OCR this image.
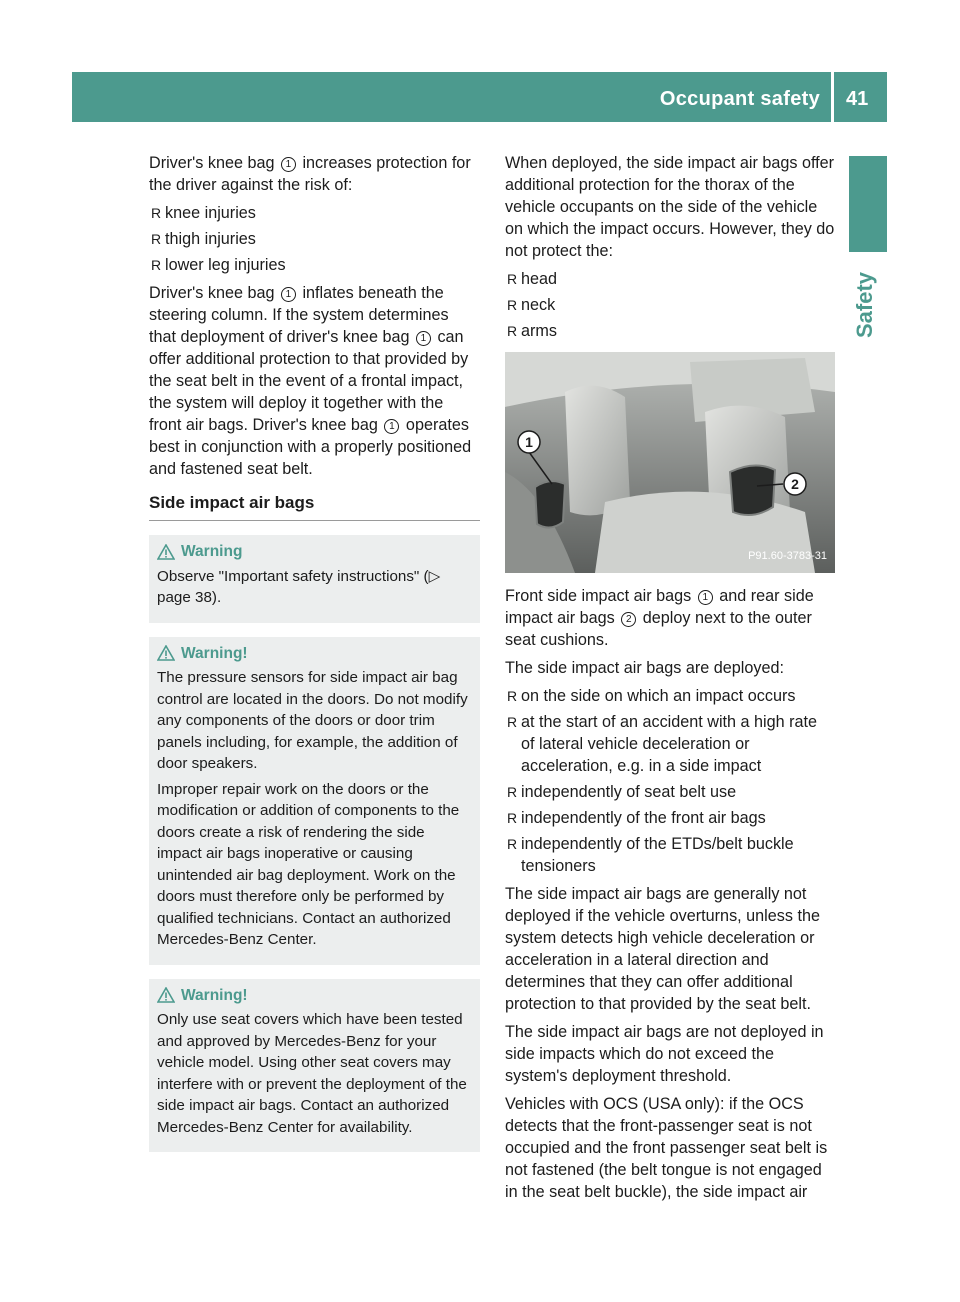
Occupant safety 41
Safety

Driver's knee bag 1 increases protection for the driver against the risk of:

R knee injuries
R thigh injuries
R lower leg injuries

Driver's knee bag 1 inflates beneath the steering column. If the system determines that deployment of driver's knee bag 1 can offer additional protection to that provided by the seat belt in the event of a frontal impact, the system will deploy it together with the front air bags. Driver's knee bag 1 operates best in conjunction with a properly positioned and fastened seat belt.

Side impact air bags
Warning

Observe "Important safety instructions" (▷ page 38).

Warning!

The pressure sensors for side impact air bag control are located in the doors. Do not modify any components of the doors or door trim panels including, for example, the addition of door speakers.

Improper repair work on the doors or the modification or addition of components to the doors create a risk of rendering the side impact air bags inoperative or causing unintended air bag deployment. Work on the doors must therefore only be performed by qualified technicians. Contact an authorized Mercedes-Benz Center.

Warning!

Only use seat covers which have been tested and approved by Mercedes-Benz for your vehicle model. Using other seat covers may interfere with or prevent the deployment of the side impact air bags. Contact an authorized Mercedes-Benz Center for availability.

When deployed, the side impact air bags offer additional protection for the thorax of the vehicle occupants on the side of the vehicle on which the impact occurs. However, they do not protect the:

R head
R neck
R arms
1
2
P91.60-3783-31

Front side impact air bags 1 and rear side impact air bags 2 deploy next to the outer seat cushions.

The side impact air bags are deployed:

R on the side on which an impact occurs
R at the start of an accident with a high rate of lateral vehicle deceleration or acceleration, e.g. in a side impact
R independently of seat belt use
R independently of the front air bags
R independently of the ETDs/belt buckle tensioners

The side impact air bags are generally not deployed if the vehicle overturns, unless the system detects high vehicle deceleration or acceleration in a lateral direction and determines that they can offer additional protection to that provided by the seat belt.

The side impact air bags are not deployed in side impacts which do not exceed the system's deployment threshold.

Vehicles with OCS (USA only): if the OCS detects that the front-passenger seat is not occupied and the front passenger seat belt is not fastened (the belt tongue is not engaged in the seat belt buckle), the side impact air
